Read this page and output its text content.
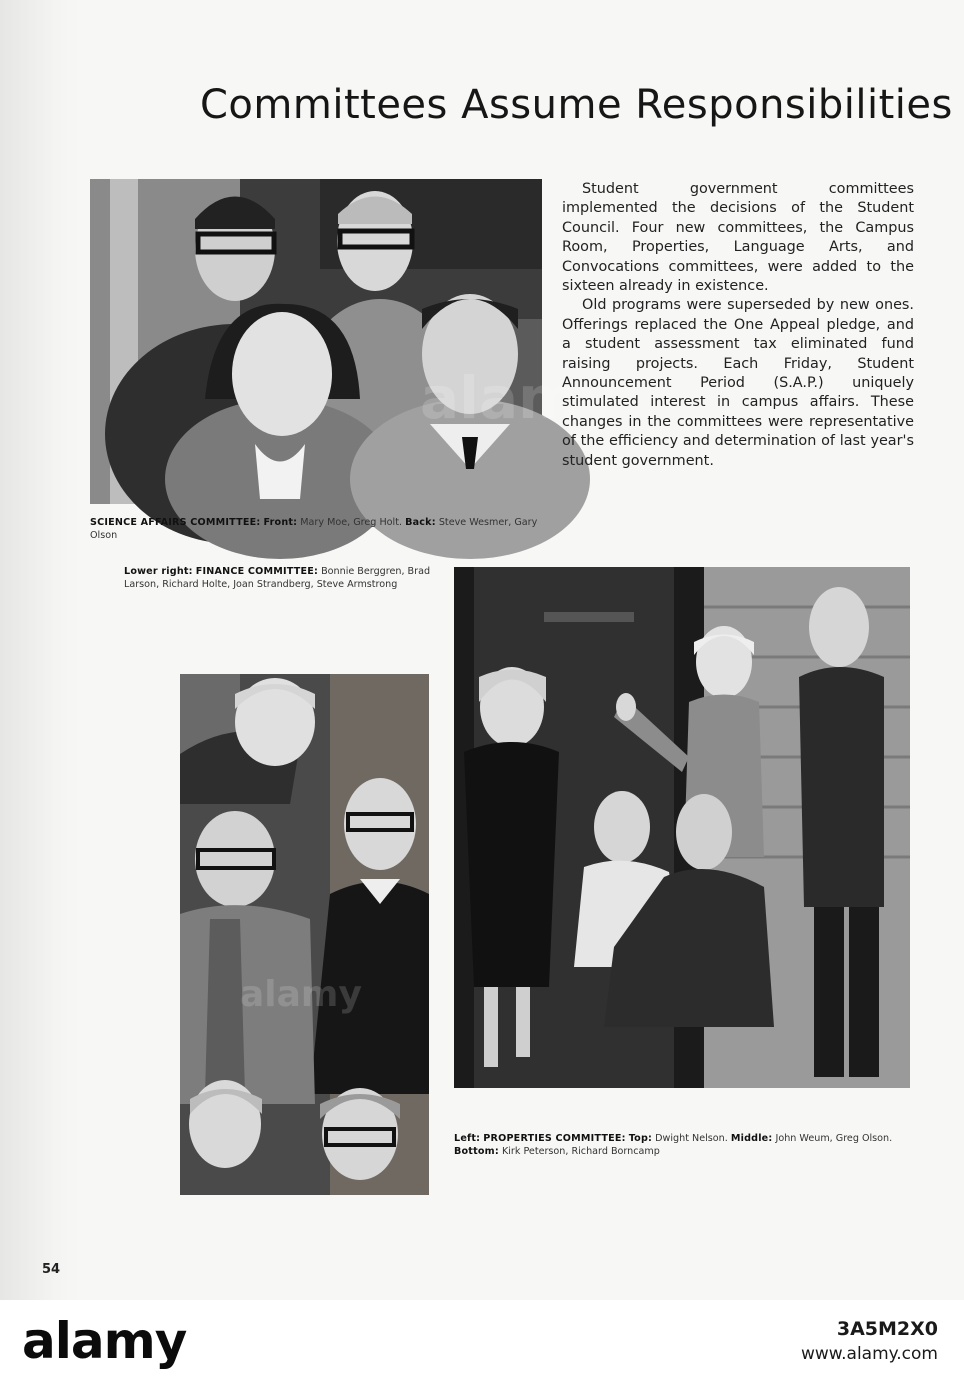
Committees Assume Responsibilities
SCIENCE AFFAIRS COMMITTEE: Front: Mary Moe, Greg Holt. Back: Steve Wesmer, Gary Olson

Student government committees implemented the decisions of the Student Council. Four new committees, the Campus Room, Properties, Language Arts, and Convocations committees, were added to the sixteen already in existence.

Old programs were superseded by new ones. Offerings replaced the One Appeal pledge, and a student assessment tax eliminated fund raising projects. Each Friday, Student Announcement Period (S.A.P.) uniquely stimulated interest in campus affairs. These changes in the committees were representative of the efficiency and determination of last year's student government.

Lower right: FINANCE COMMITTEE: Bonnie Berggren, Brad Larson, Richard Holte, Joan Strandberg, Steve Armstrong
Left: PROPERTIES COMMITTEE: Top: Dwight Nelson. Middle: John Weum, Greg Olson. Bottom: Kirk Peterson, Richard Borncamp
54
alamy	3A5M2X0
www.alamy.com
